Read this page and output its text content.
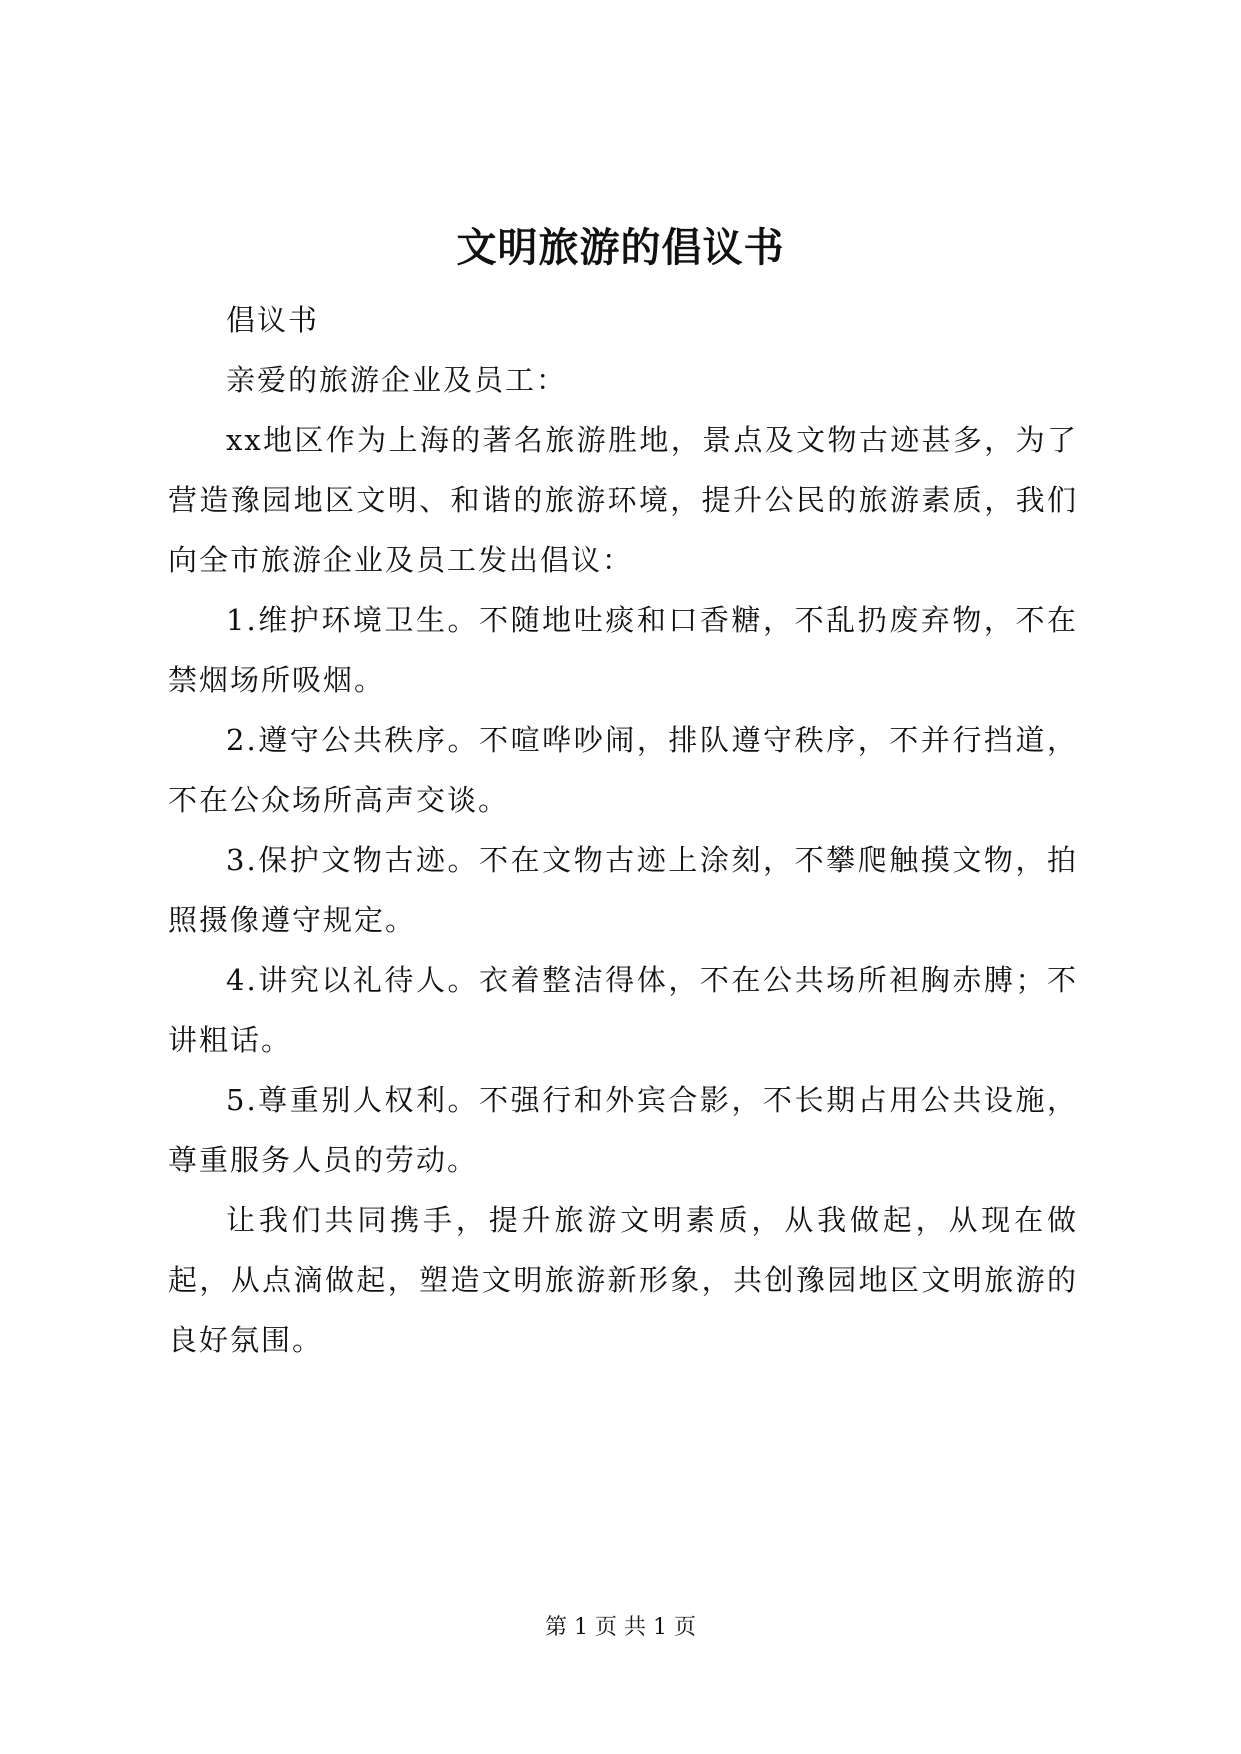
文明旅游的倡议书

倡议书

亲爱的旅游企业及员工：

xx地区作为上海的著名旅游胜地，景点及文物古迹甚多，为了营造豫园地区文明、和谐的旅游环境，提升公民的旅游素质，我们向全市旅游企业及员工发出倡议：

1.维护环境卫生。不随地吐痰和口香糖，不乱扔废弃物，不在禁烟场所吸烟。

2.遵守公共秩序。不喧哗吵闹，排队遵守秩序，不并行挡道，不在公众场所高声交谈。

3.保护文物古迹。不在文物古迹上涂刻，不攀爬触摸文物，拍照摄像遵守规定。

4.讲究以礼待人。衣着整洁得体，不在公共场所袒胸赤膊；不讲粗话。

5.尊重别人权利。不强行和外宾合影，不长期占用公共设施，尊重服务人员的劳动。

让我们共同携手，提升旅游文明素质，从我做起，从现在做起，从点滴做起，塑造文明旅游新形象，共创豫园地区文明旅游的良好氛围。

第 1 页 共 1 页
